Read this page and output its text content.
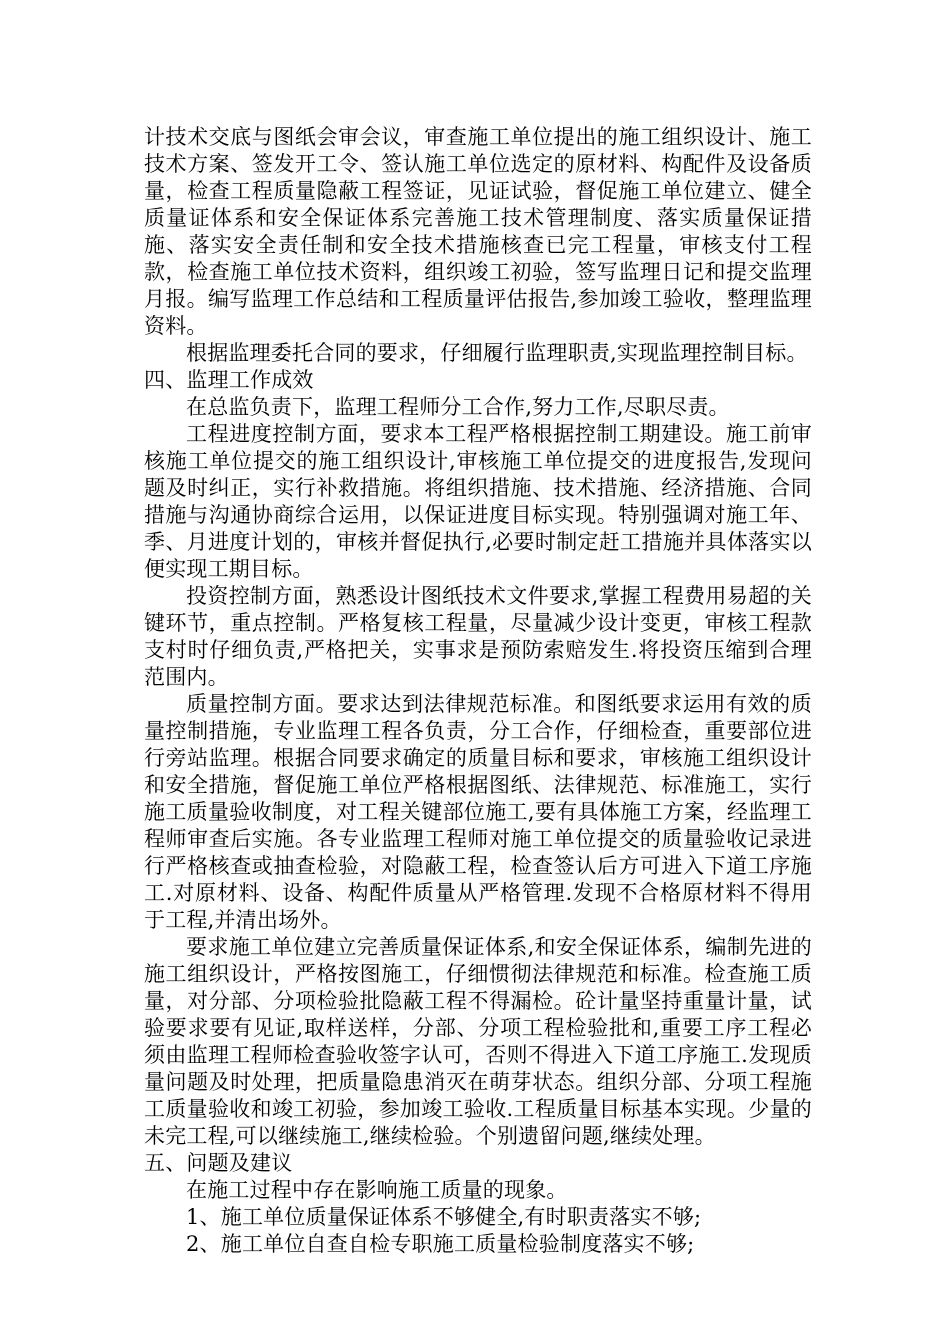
计技术交底与图纸会审会议，审查施工单位提出的施工组织设计、施工技术方案、签发开工令、签认施工单位选定的原材料、构配件及设备质量，检查工程质量隐蔽工程签证，见证试验，督促施工单位建立、健全质量证体系和安全保证体系完善施工技术管理制度、落实质量保证措施、落实安全责任制和安全技术措施核查已完工程量，审核支付工程款，检查施工单位技术资料，组织竣工初验，签写监理日记和提交监理月报。编写监理工作总结和工程质量评估报告,参加竣工验收，整理监理资料。

根据监理委托合同的要求，仔细履行监理职责,实现监理控制目标。

四、监理工作成效

在总监负责下，监理工程师分工合作,努力工作,尽职尽责。

工程进度控制方面，要求本工程严格根据控制工期建设。施工前审核施工单位提交的施工组织设计,审核施工单位提交的进度报告,发现问题及时纠正，实行补救措施。将组织措施、技术措施、经济措施、合同措施与沟通协商综合运用，以保证进度目标实现。特别强调对施工年、季、月进度计划的，审核并督促执行,必要时制定赶工措施并具体落实以便实现工期目标。

投资控制方面，熟悉设计图纸技术文件要求,掌握工程费用易超的关键环节，重点控制。严格复核工程量，尽量减少设计变更，审核工程款支村时仔细负责,严格把关，实事求是预防索赔发生.将投资压缩到合理范围内。

质量控制方面。要求达到法律规范标准。和图纸要求运用有效的质量控制措施，专业监理工程各负责，分工合作，仔细检查，重要部位进行旁站监理。根据合同要求确定的质量目标和要求，审核施工组织设计和安全措施，督促施工单位严格根据图纸、法律规范、标准施工，实行施工质量验收制度，对工程关键部位施工,要有具体施工方案，经监理工程师审查后实施。各专业监理工程师对施工单位提交的质量验收记录进行严格核查或抽查检验，对隐蔽工程，检查签认后方可进入下道工序施工.对原材料、设备、构配件质量从严格管理.发现不合格原材料不得用于工程,并清出场外。

要求施工单位建立完善质量保证体系,和安全保证体系，编制先进的施工组织设计，严格按图施工，仔细惯彻法律规范和标准。检查施工质量，对分部、分项检验批隐蔽工程不得漏检。砼计量坚持重量计量，试验要求要有见证,取样送样，分部、分项工程检验批和,重要工序工程必须由监理工程师检查验收签字认可，否则不得进入下道工序施工.发现质量问题及时处理，把质量隐患消灭在萌芽状态。组织分部、分项工程施工质量验收和竣工初验，参加竣工验收.工程质量目标基本实现。少量的未完工程,可以继续施工,继续检验。个别遗留问题,继续处理。

五、问题及建议

在施工过程中存在影响施工质量的现象。

1、施工单位质量保证体系不够健全,有时职责落实不够;

2、施工单位自查自检专职施工质量检验制度落实不够;
